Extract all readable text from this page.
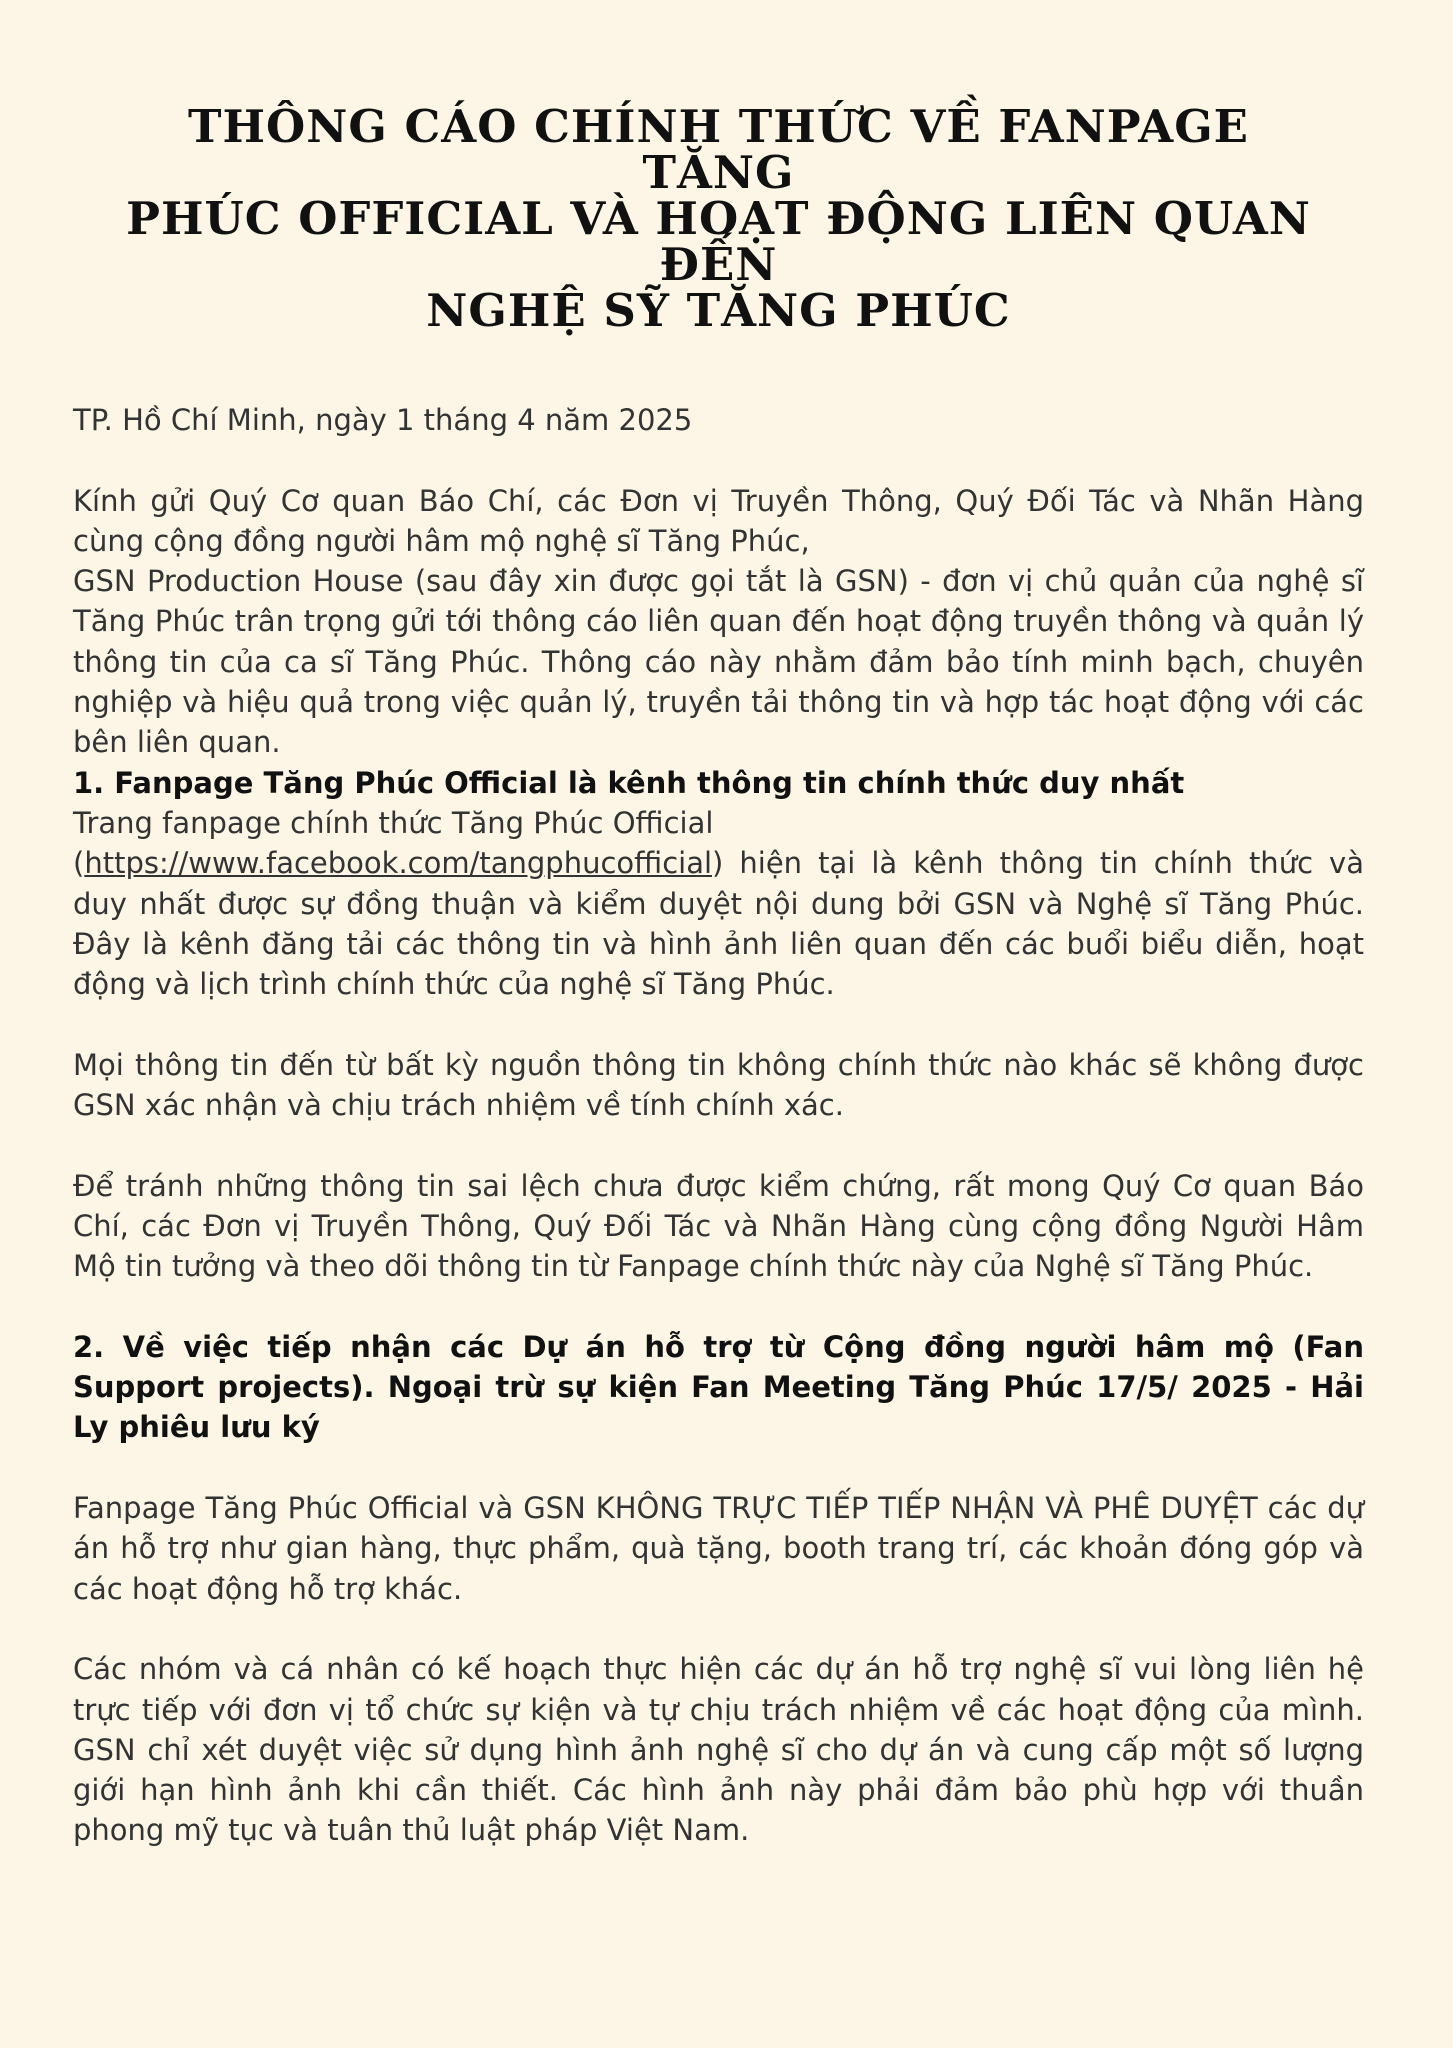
THÔNG CÁO CHÍNH THỨC VỀ FANPAGE TĂNG
PHÚC OFFICIAL VÀ HOẠT ĐỘNG LIÊN QUAN ĐẾN
NGHỆ SỸ TĂNG PHÚC

TP. Hồ Chí Minh, ngày 1 tháng 4 năm 2025

Kính gửi Quý Cơ quan Báo Chí, các Đơn vị Truyền Thông, Quý Đối Tác và Nhãn Hàng cùng cộng đồng người hâm mộ nghệ sĩ Tăng Phúc,

GSN Production House (sau đây xin được gọi tắt là GSN) - đơn vị chủ quản của nghệ sĩ Tăng Phúc trân trọng gửi tới thông cáo liên quan đến hoạt động truyền thông và quản lý thông tin của ca sĩ Tăng Phúc. Thông cáo này nhằm đảm bảo tính minh bạch, chuyên nghiệp và hiệu quả trong việc quản lý, truyền tải thông tin và hợp tác hoạt động với các bên liên quan.

1. Fanpage Tăng Phúc Official là kênh thông tin chính thức duy nhất

Trang fanpage chính thức Tăng Phúc Official

(https://www.facebook.com/tangphucofficial) hiện tại là kênh thông tin chính thức và duy nhất được sự đồng thuận và kiểm duyệt nội dung bởi GSN và Nghệ sĩ Tăng Phúc. Đây là kênh đăng tải các thông tin và hình ảnh liên quan đến các buổi biểu diễn, hoạt động và lịch trình chính thức của nghệ sĩ Tăng Phúc.

Mọi thông tin đến từ bất kỳ nguồn thông tin không chính thức nào khác sẽ không được GSN xác nhận và chịu trách nhiệm về tính chính xác.

Để tránh những thông tin sai lệch chưa được kiểm chứng, rất mong Quý Cơ quan Báo Chí, các Đơn vị Truyền Thông, Quý Đối Tác và Nhãn Hàng cùng cộng đồng Người Hâm Mộ tin tưởng và theo dõi thông tin từ Fanpage chính thức này của Nghệ sĩ Tăng Phúc.

2. Về việc tiếp nhận các Dự án hỗ trợ từ Cộng đồng người hâm mộ (Fan Support projects). Ngoại trừ sự kiện Fan Meeting Tăng Phúc 17/5/ 2025 - Hải Ly phiêu lưu ký

Fanpage Tăng Phúc Official và GSN KHÔNG TRỰC TIẾP TIẾP NHẬN VÀ PHÊ DUYỆT các dự án hỗ trợ như gian hàng, thực phẩm, quà tặng, booth trang trí, các khoản đóng góp và các hoạt động hỗ trợ khác.

Các nhóm và cá nhân có kế hoạch thực hiện các dự án hỗ trợ nghệ sĩ vui lòng liên hệ trực tiếp với đơn vị tổ chức sự kiện và tự chịu trách nhiệm về các hoạt động của mình. GSN chỉ xét duyệt việc sử dụng hình ảnh nghệ sĩ cho dự án và cung cấp một số lượng giới hạn hình ảnh khi cần thiết. Các hình ảnh này phải đảm bảo phù hợp với thuần phong mỹ tục và tuân thủ luật pháp Việt Nam.
